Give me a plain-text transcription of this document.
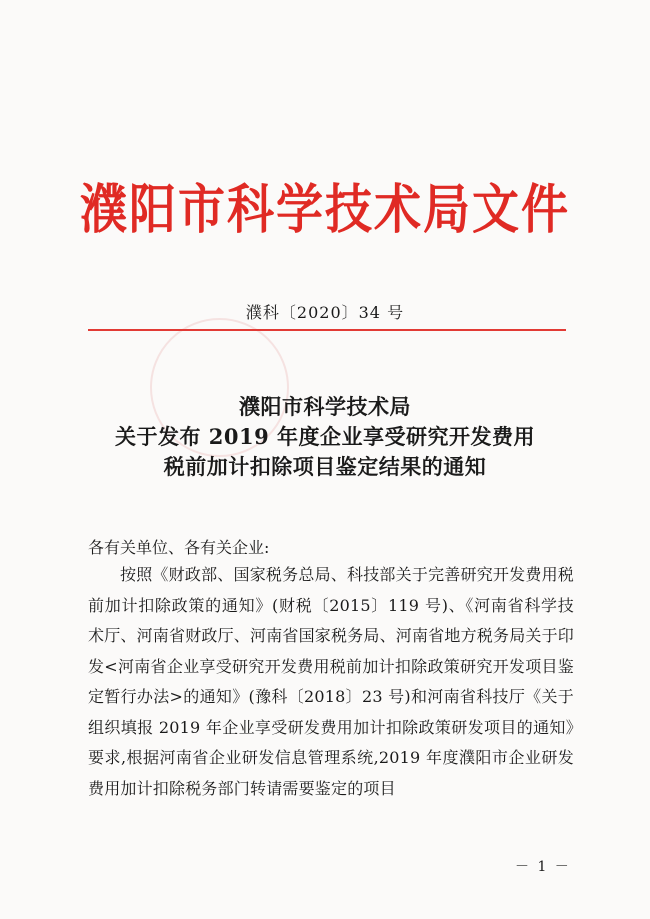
濮阳市科学技术局文件
濮科〔2020〕34 号
濮阳市科学技术局
关于发布 2019 年度企业享受研究开发费用
税前加计扣除项目鉴定结果的通知
各有关单位、各有关企业:
按照《财政部、国家税务总局、科技部关于完善研究开发费用税前加计扣除政策的通知》(财税〔2015〕119 号)、《河南省科学技术厅、河南省财政厅、河南省国家税务局、河南省地方税务局关于印发<河南省企业享受研究开发费用税前加计扣除政策研究开发项目鉴定暂行办法>的通知》(豫科〔2018〕23 号)和河南省科技厅《关于组织填报 2019 年企业享受研发费用加计扣除政策研发项目的通知》要求,根据河南省企业研发信息管理系统,2019 年度濮阳市企业研发费用加计扣除税务部门转请需要鉴定的项目
－ 1 －
